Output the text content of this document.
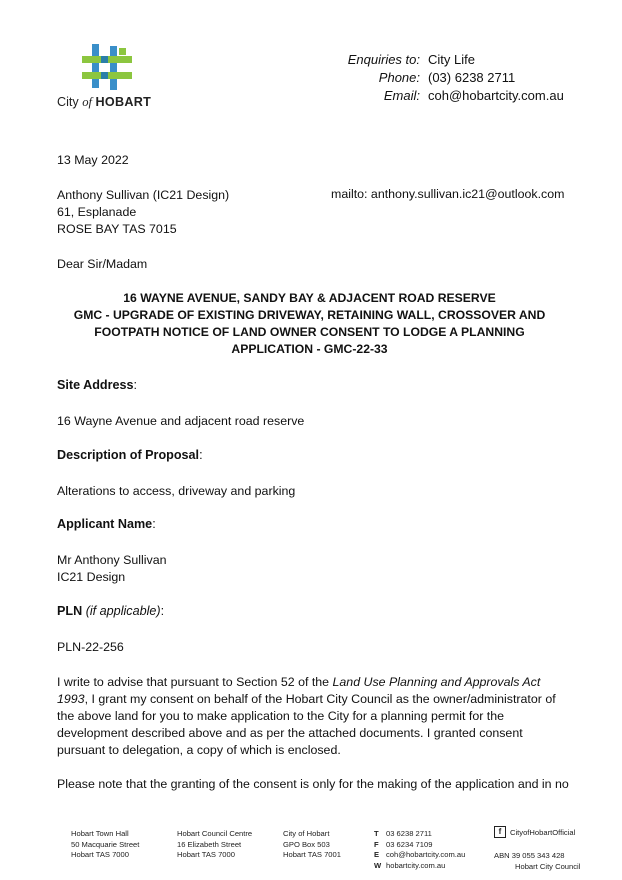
City of HOBART
Enquiries to:
Phone:
Email:
City Life
(03) 6238 2711
coh@hobartcity.com.au
13 May 2022
Anthony Sullivan (IC21 Design)
61, Esplanade
ROSE BAY TAS 7015
mailto: anthony.sullivan.ic21@outlook.com
Dear Sir/Madam
16 WAYNE AVENUE, SANDY BAY & ADJACENT ROAD RESERVE
GMC - UPGRADE OF EXISTING DRIVEWAY, RETAINING WALL, CROSSOVER AND
FOOTPATH NOTICE OF LAND OWNER CONSENT TO LODGE A PLANNING
APPLICATION - GMC-22-33
Site Address:
16 Wayne Avenue and adjacent road reserve
Description of Proposal:
Alterations to access, driveway and parking
Applicant Name:
Mr Anthony Sullivan
IC21 Design
PLN (if applicable):
PLN-22-256
I write to advise that pursuant to Section 52 of the Land Use Planning and Approvals Act 1993, I grant my consent on behalf of the Hobart City Council as the owner/administrator of the above land for you to make application to the City for a planning permit for the development described above and as per the attached documents. I granted consent pursuant to delegation, a copy of which is enclosed.
Please note that the granting of the consent is only for the making of the application and in no
Hobart Town Hall
50 Macquarie Street
Hobart TAS 7000
Hobart Council Centre
16 Elizabeth Street
Hobart TAS 7000
City of Hobart
GPO Box 503
Hobart TAS 7001
T 03 6238 2711
F 03 6234 7109
E coh@hobartcity.com.au
W hobartcity.com.au
f	CityofHobartOfficial
ABN 39 055 343 428
Hobart City Council
